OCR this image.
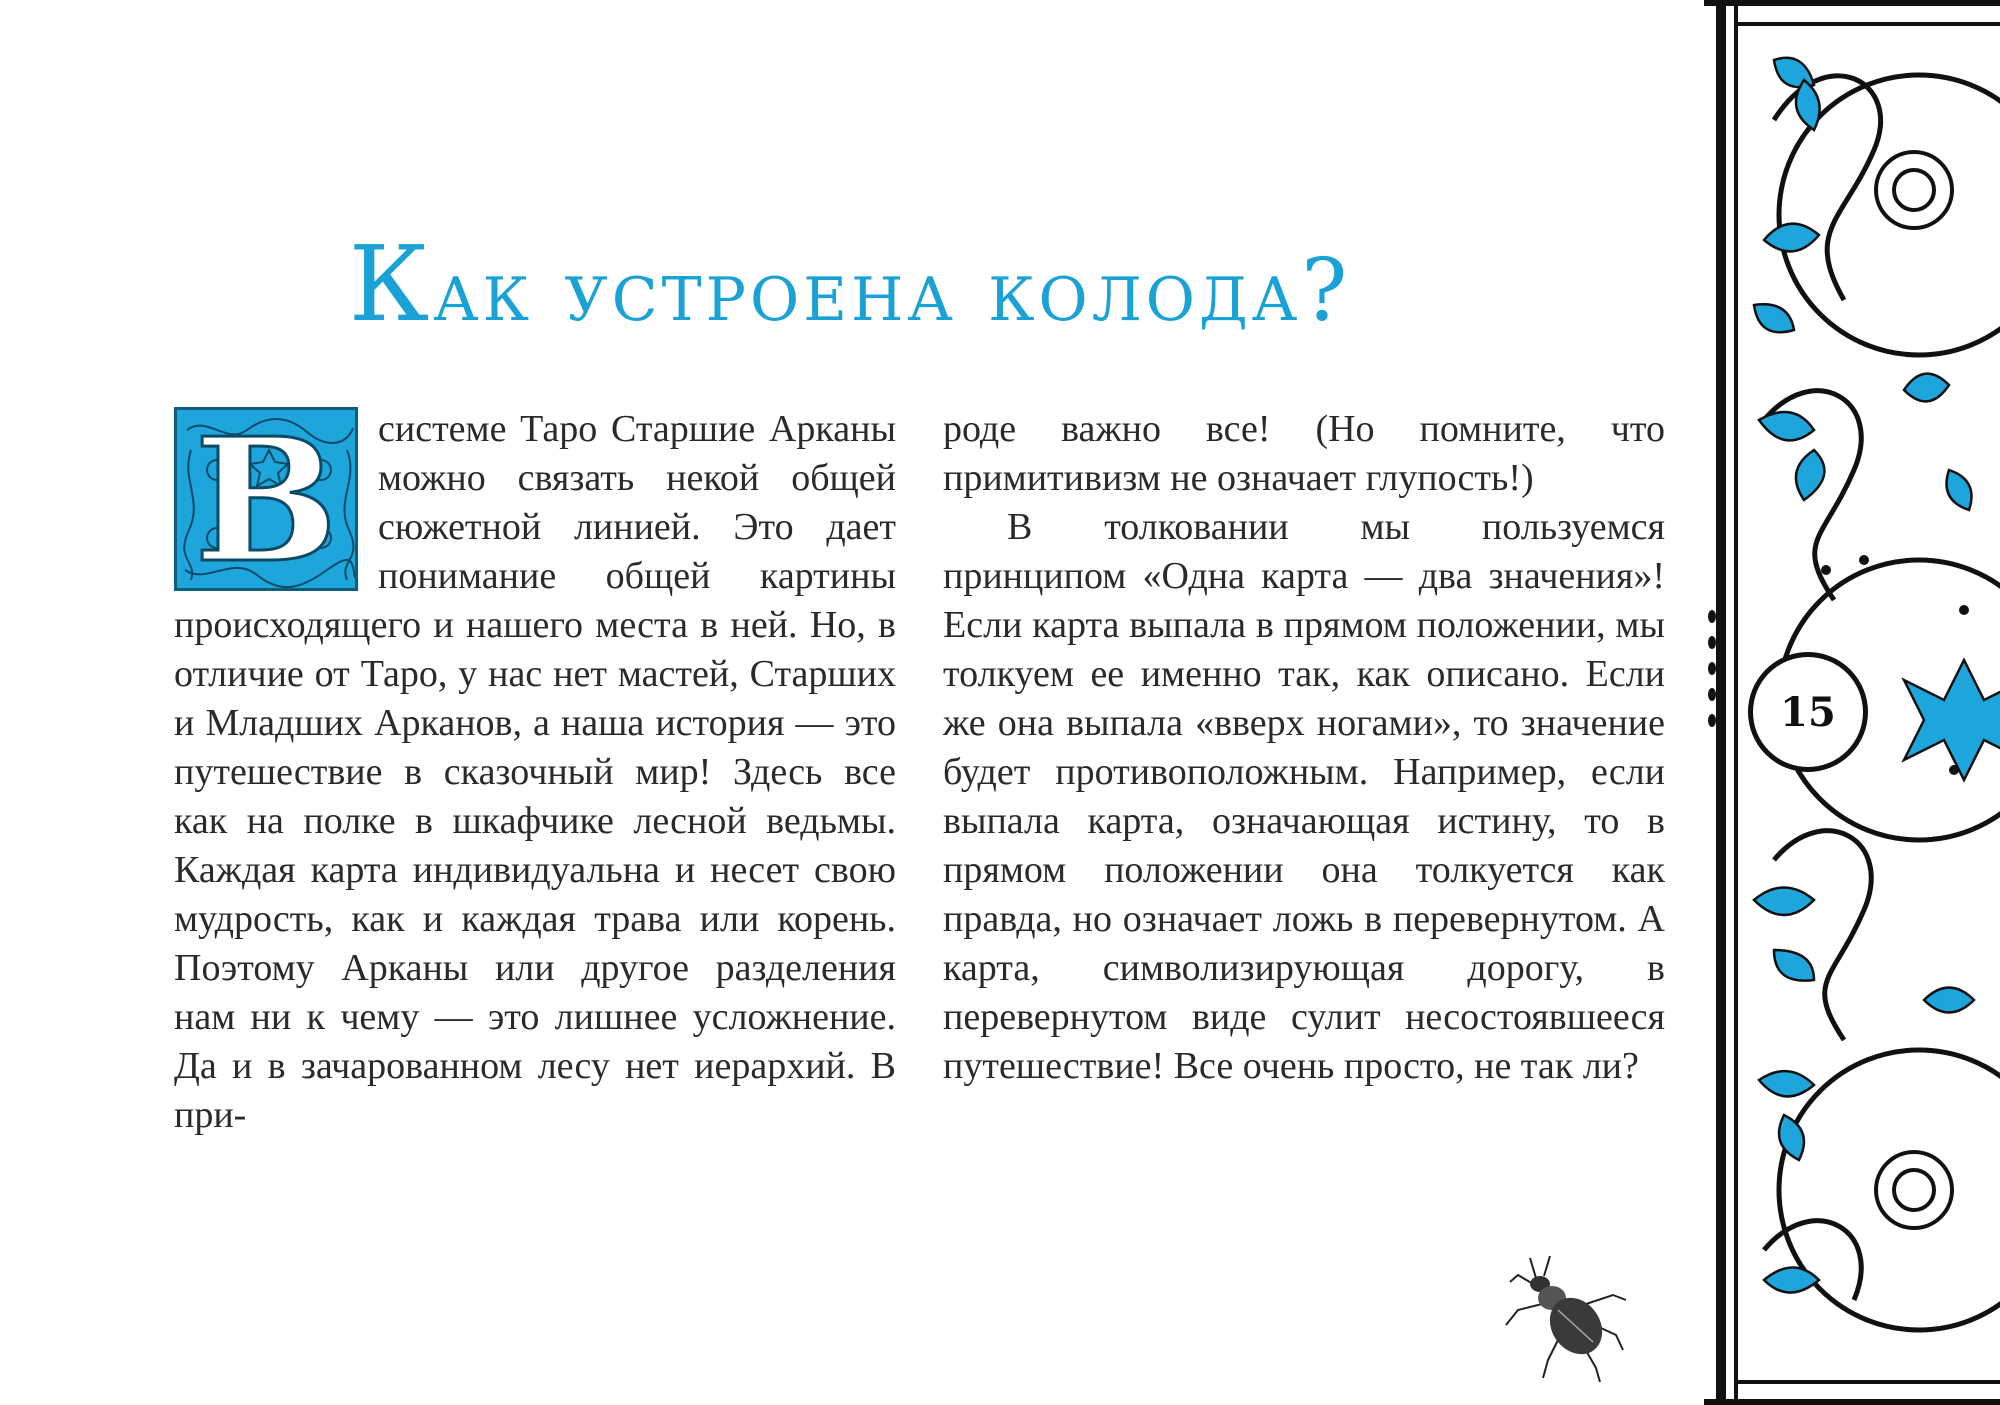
Как устроена колода?
В	системе Таро Старшие Арканы можно связать некой общей сюжетной линией. Это дает понимание общей картины происходящего и нашего места в ней. Но, в отличие от Таро, у нас нет мастей, Старших и Младших Арканов, а наша история — это путешествие в сказочный мир! Здесь все как на полке в шкафчике лесной ведьмы. Каждая карта индивидуальна и несет свою мудрость, как и каждая трава или корень. Поэтому Арканы или другое разделения нам ни к чему — это лишнее усложнение. Да и в зачарованном лесу нет иерархий. В при-

роде важно все! (Но помните, что примитивизм не означает глупость!)

В толковании мы пользуемся принципом «Одна карта — два значения»! Если карта выпала в прямом положении, мы толкуем ее именно так, как описано. Если же она выпала «вверх ногами», то значение будет противоположным. Например, если выпала карта, означающая истину, то в прямом положении она толкуется как правда, но означает ложь в перевернутом. А карта, символизирующая дорогу, в перевернутом виде сулит несостоявшееся путешествие! Все очень просто, не так ли?

15
